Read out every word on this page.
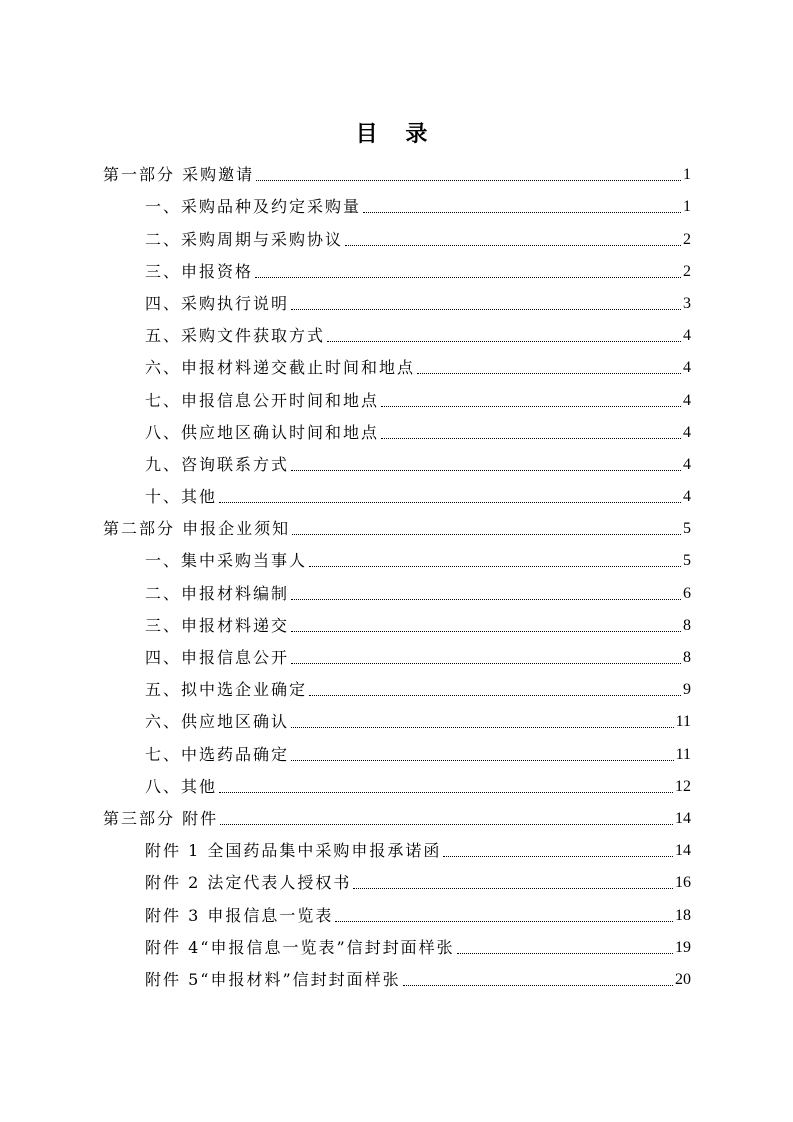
目 录
第一部分 采购邀请	1
一、采购品种及约定采购量	1
二、采购周期与采购协议	2
三、申报资格	2
四、采购执行说明	3
五、采购文件获取方式	4
六、申报材料递交截止时间和地点	4
七、申报信息公开时间和地点	4
八、供应地区确认时间和地点	4
九、咨询联系方式	4
十、其他	4
第二部分 申报企业须知	5
一、集中采购当事人	5
二、申报材料编制	6
三、申报材料递交	8
四、申报信息公开	8
五、拟中选企业确定	9
六、供应地区确认	11
七、中选药品确定	11
八、其他	12
第三部分 附件	14
附件 1 全国药品集中采购申报承诺函	14
附件 2 法定代表人授权书	16
附件 3 申报信息一览表	18
附件 4“申报信息一览表”信封封面样张	19
附件 5“申报材料”信封封面样张	20
